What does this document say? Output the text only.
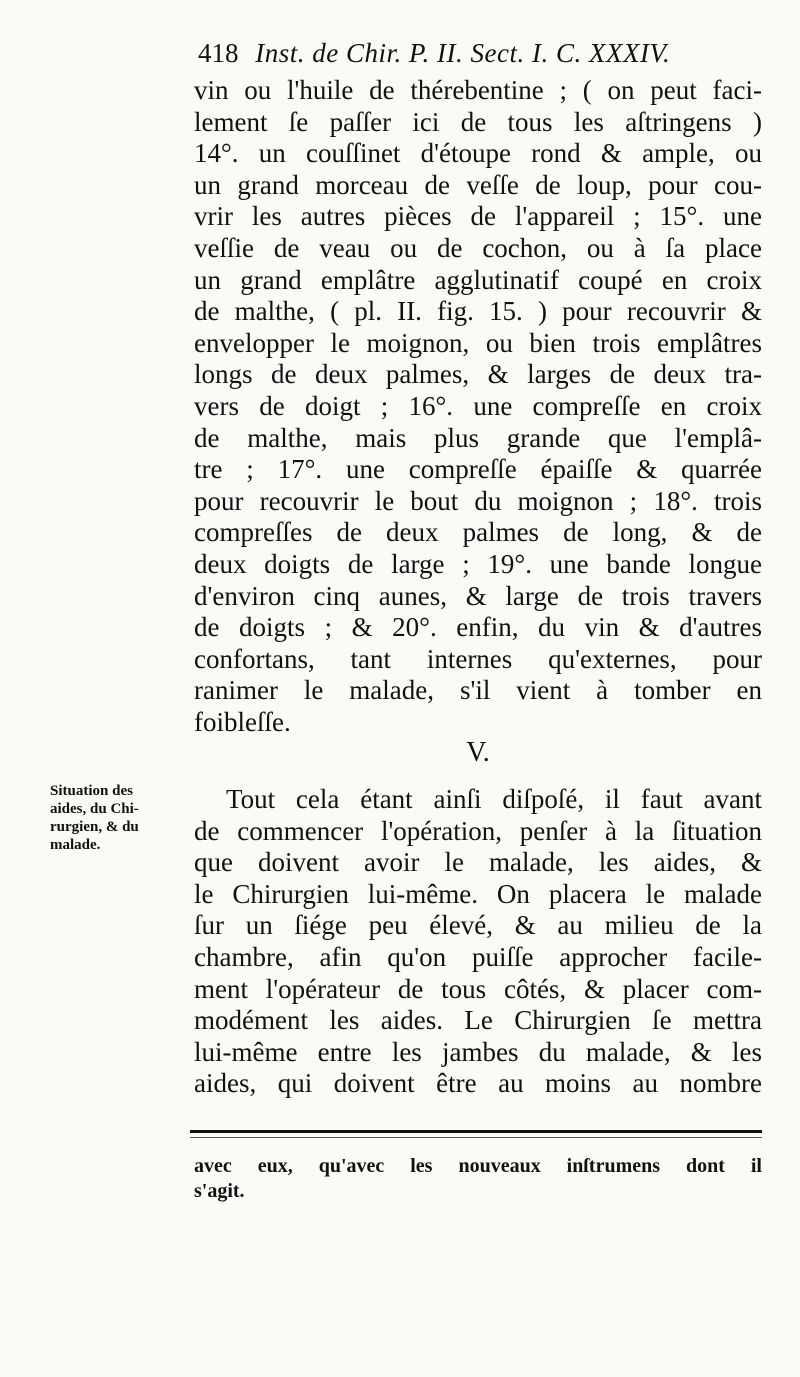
418 Inst. de Chir. P. II. Sect. I. C. XXXIV.
vin ou l'huile de thérebentine ; ( on peut faci-
lement ſe paſſer ici de tous les aſtringens )
14°. un couſſinet d'étoupe rond & ample, ou
un grand morceau de veſſe de loup, pour cou-
vrir les autres pièces de l'appareil ; 15°. une
veſſie de veau ou de cochon, ou à ſa place
un grand emplâtre agglutinatif coupé en croix
de malthe, ( pl. II. fig. 15. ) pour recouvrir &
envelopper le moignon, ou bien trois emplâtres
longs de deux palmes, & larges de deux tra-
vers de doigt ; 16°. une compreſſe en croix
de malthe, mais plus grande que l'emplâ-
tre ; 17°. une compreſſe épaiſſe & quarrée
pour recouvrir le bout du moignon ; 18°. trois
compreſſes de deux palmes de long, & de
deux doigts de large ; 19°. une bande longue
d'environ cinq aunes, & large de trois travers
de doigts ; & 20°. enfin, du vin & d'autres
confortans, tant internes qu'externes, pour
ranimer le malade, s'il vient à tomber en
foibleſſe.
V.
Situation des
aides, du Chi-
rurgien, & du
malade.
Tout cela étant ainſi diſpoſé, il faut avant
de commencer l'opération, penſer à la ſituation
que doivent avoir le malade, les aides, &
le Chirurgien lui-même. On placera le malade
ſur un ſiége peu élevé, & au milieu de la
chambre, afin qu'on puiſſe approcher facile-
ment l'opérateur de tous côtés, & placer com-
modément les aides. Le Chirurgien ſe mettra
lui-même entre les jambes du malade, & les
aides, qui doivent être au moins au nombre
avec eux, qu'avec les nouveaux inſtrumens dont il
s'agit.
